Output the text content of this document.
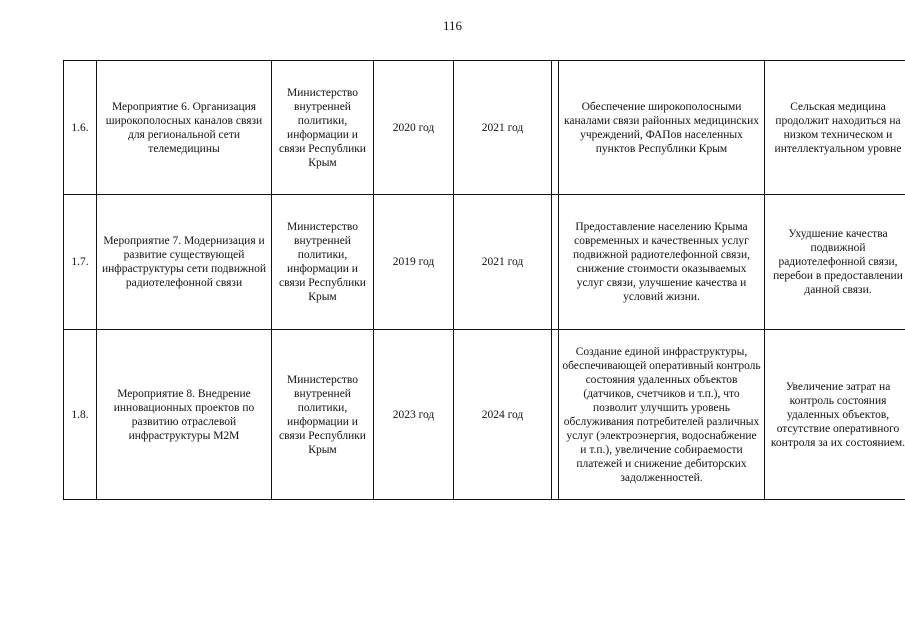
116
1.6.	Мероприятие 6. Организация широкополосных каналов связи для региональной сети телемедицины	Министерство внутренней политики, информации и связи Республики Крым	2020 год	2021 год		Обеспечение широкополосными каналами связи районных медицинских учреждений, ФАПов населенных пунктов Республики Крым	Сельская медицина продолжит находиться на низком техническом и интеллектуальном уровне
1.7.	Мероприятие 7. Модернизация и развитие существующей инфраструктуры сети подвижной радиотелефонной связи	Министерство внутренней политики, информации и связи Республики Крым	2019 год	2021 год		Предоставление населению Крыма современных и качественных услуг подвижной радиотелефонной связи, снижение стоимости оказываемых услуг связи, улучшение качества и условий жизни.	Ухудшение качества подвижной радиотелефонной связи, перебои в предоставлении данной связи.
1.8.	Мероприятие 8. Внедрение инновационных проектов по развитию отраслевой инфраструктуры M2M	Министерство внутренней политики, информации и связи Республики Крым	2023 год	2024 год		Создание единой инфраструктуры, обеспечивающей оперативный контроль состояния удаленных объектов (датчиков, счетчиков и т.п.), что позволит улучшить уровень обслуживания потребителей различных услуг (электроэнергия, водоснабжение и т.п.), увеличение собираемости платежей и снижение дебиторских задолженностей.	Увеличение затрат на контроль состояния удаленных объектов, отсутствие оперативного контроля за их состоянием.
